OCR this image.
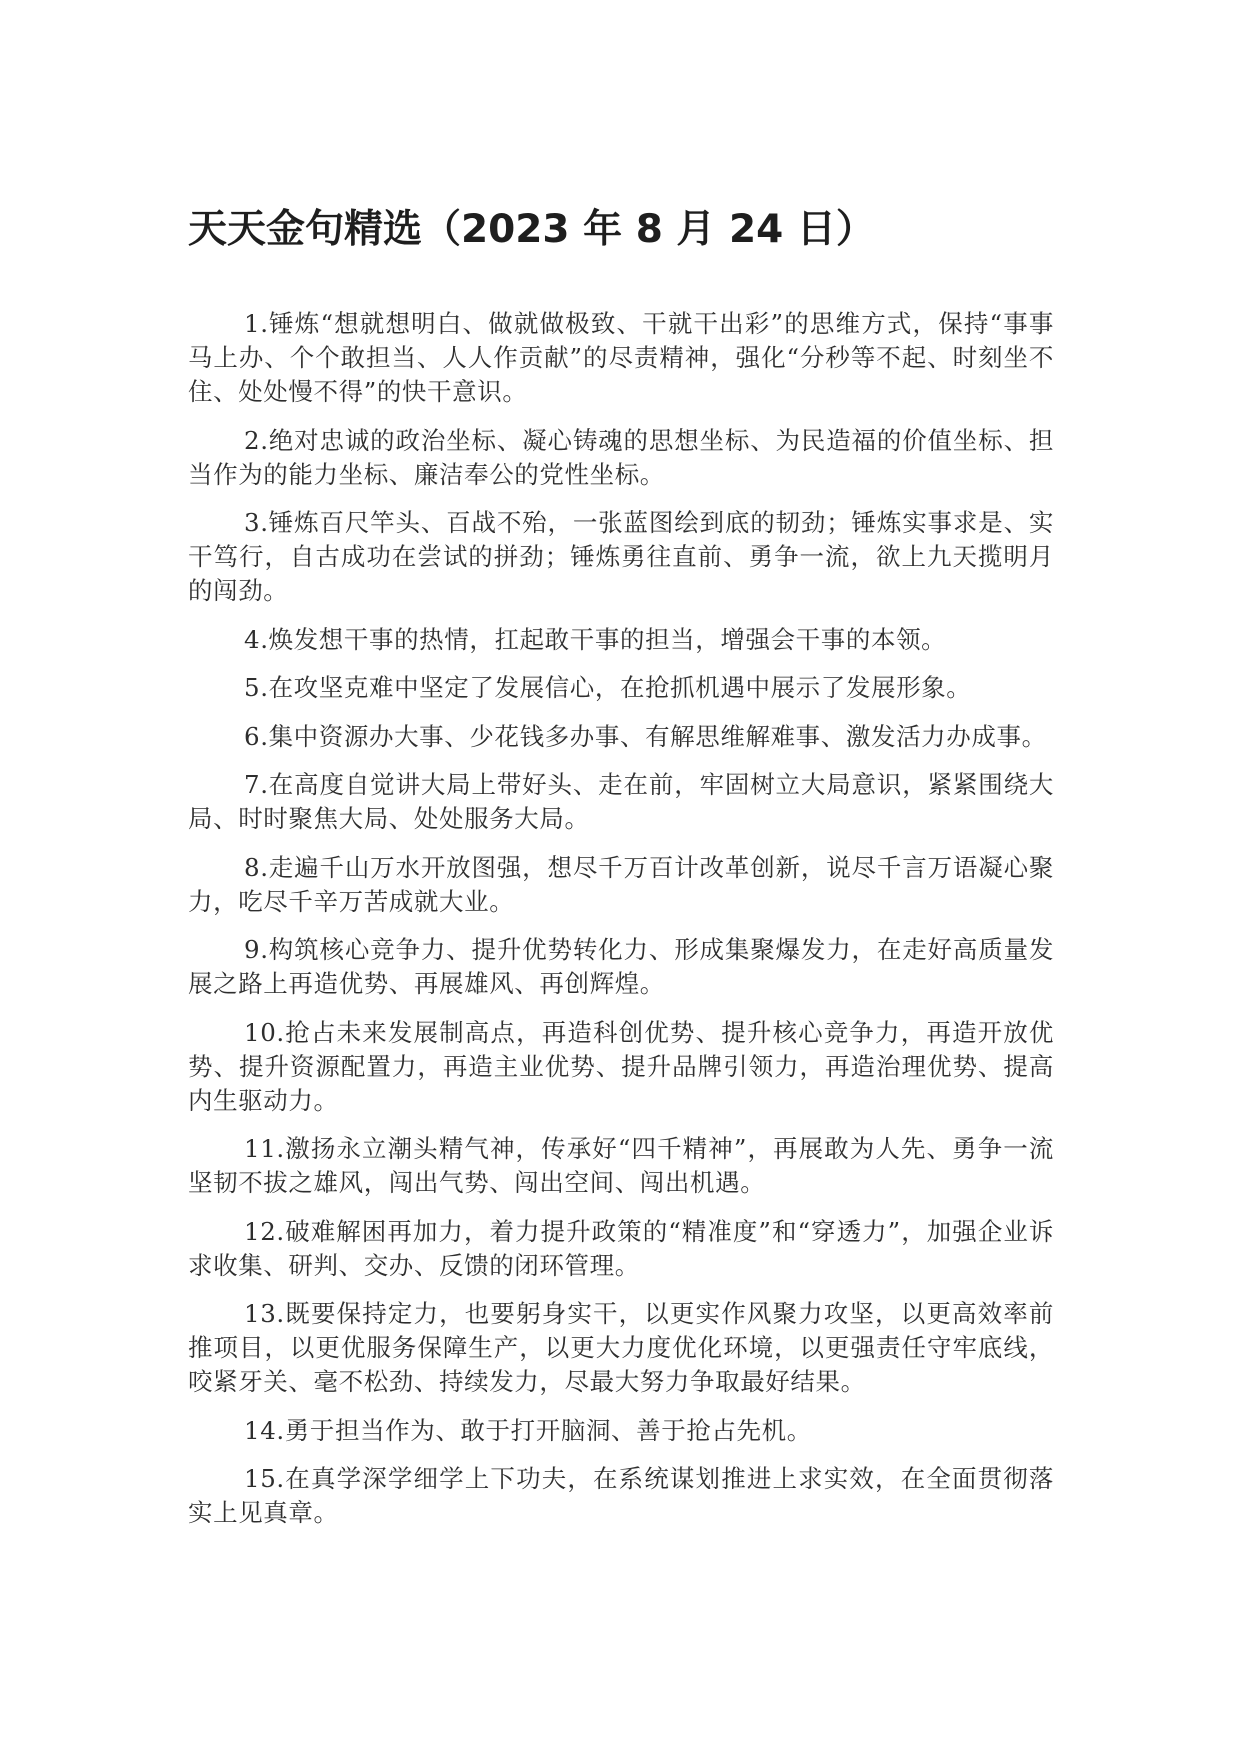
天天金句精选（2023 年 8 月 24 日）

1.锤炼“想就想明白、做就做极致、干就干出彩”的思维方式，保持“事事马上办、个个敢担当、人人作贡献”的尽责精神，强化“分秒等不起、时刻坐不住、处处慢不得”的快干意识。

2.绝对忠诚的政治坐标、凝心铸魂的思想坐标、为民造福的价值坐标、担当作为的能力坐标、廉洁奉公的党性坐标。

3.锤炼百尺竿头、百战不殆，一张蓝图绘到底的韧劲；锤炼实事求是、实干笃行，自古成功在尝试的拼劲；锤炼勇往直前、勇争一流，欲上九天揽明月的闯劲。

4.焕发想干事的热情，扛起敢干事的担当，增强会干事的本领。

5.在攻坚克难中坚定了发展信心，在抢抓机遇中展示了发展形象。

6.集中资源办大事、少花钱多办事、有解思维解难事、激发活力办成事。

7.在高度自觉讲大局上带好头、走在前，牢固树立大局意识，紧紧围绕大局、时时聚焦大局、处处服务大局。

8.走遍千山万水开放图强，想尽千万百计改革创新，说尽千言万语凝心聚力，吃尽千辛万苦成就大业。

9.构筑核心竞争力、提升优势转化力、形成集聚爆发力，在走好高质量发展之路上再造优势、再展雄风、再创辉煌。

10.抢占未来发展制高点，再造科创优势、提升核心竞争力，再造开放优势、提升资源配置力，再造主业优势、提升品牌引领力，再造治理优势、提高内生驱动力。

11.激扬永立潮头精气神，传承好“四千精神”，再展敢为人先、勇争一流坚韧不拔之雄风，闯出气势、闯出空间、闯出机遇。

12.破难解困再加力，着力提升政策的“精准度”和“穿透力”，加强企业诉求收集、研判、交办、反馈的闭环管理。

13.既要保持定力，也要躬身实干，以更实作风聚力攻坚，以更高效率前推项目，以更优服务保障生产，以更大力度优化环境，以更强责任守牢底线，咬紧牙关、毫不松劲、持续发力，尽最大努力争取最好结果。

14.勇于担当作为、敢于打开脑洞、善于抢占先机。

15.在真学深学细学上下功夫，在系统谋划推进上求实效，在全面贯彻落实上见真章。
